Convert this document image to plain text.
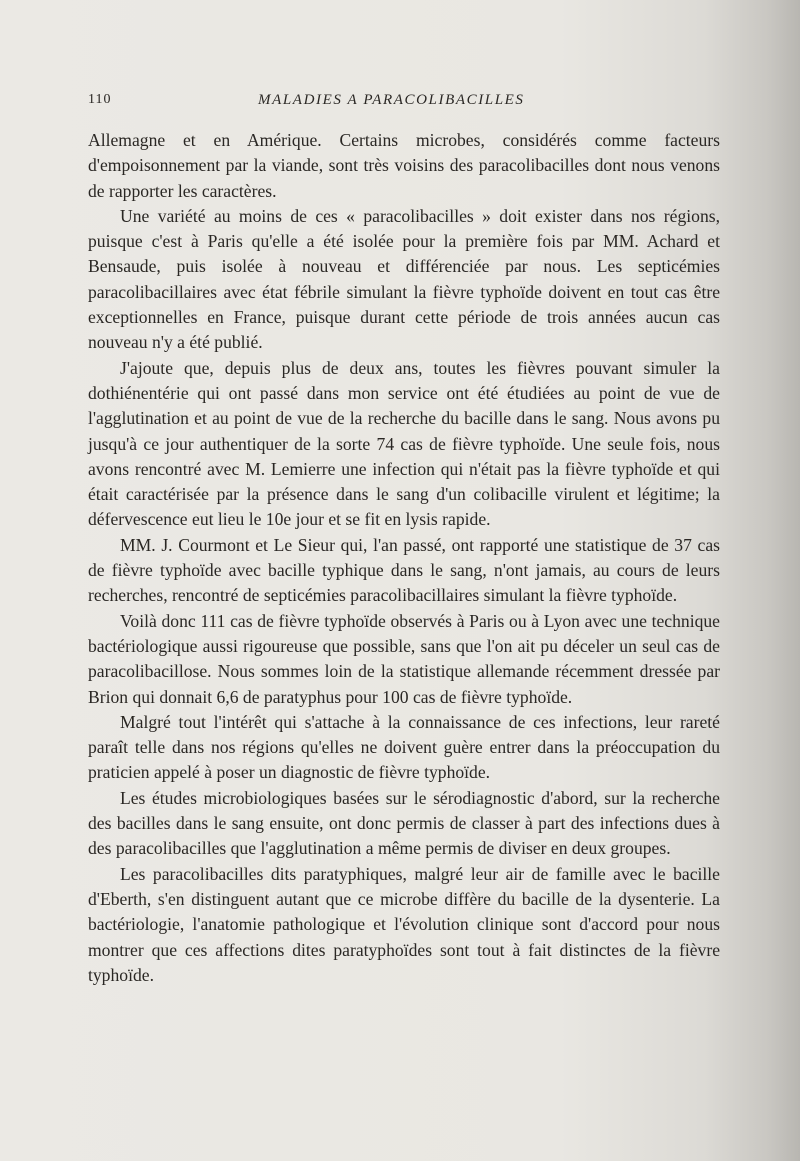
110	MALADIES A PARACOLIBACILLES

Allemagne et en Amérique. Certains microbes, considérés comme facteurs d'empoisonnement par la viande, sont très voisins des paracolibacilles dont nous venons de rapporter les caractères.

Une variété au moins de ces « paracolibacilles » doit exister dans nos régions, puisque c'est à Paris qu'elle a été isolée pour la première fois par MM. Achard et Bensaude, puis isolée à nouveau et différenciée par nous. Les septicémies paracolibacillaires avec état fébrile simulant la fièvre typhoïde doivent en tout cas être exceptionnelles en France, puisque durant cette période de trois années aucun cas nouveau n'y a été publié.

J'ajoute que, depuis plus de deux ans, toutes les fièvres pouvant simuler la dothiénentérie qui ont passé dans mon service ont été étudiées au point de vue de l'agglutination et au point de vue de la recherche du bacille dans le sang. Nous avons pu jusqu'à ce jour authentiquer de la sorte 74 cas de fièvre typhoïde. Une seule fois, nous avons rencontré avec M. Lemierre une infection qui n'était pas la fièvre typhoïde et qui était caractérisée par la présence dans le sang d'un colibacille virulent et légitime; la défervescence eut lieu le 10e jour et se fit en lysis rapide.

MM. J. Courmont et Le Sieur qui, l'an passé, ont rapporté une statistique de 37 cas de fièvre typhoïde avec bacille typhique dans le sang, n'ont jamais, au cours de leurs recherches, rencontré de septicémies paracolibacillaires simulant la fièvre typhoïde.

Voilà donc 111 cas de fièvre typhoïde observés à Paris ou à Lyon avec une technique bactériologique aussi rigoureuse que possible, sans que l'on ait pu déceler un seul cas de paracolibacillose. Nous sommes loin de la statistique allemande récemment dressée par Brion qui donnait 6,6 de paratyphus pour 100 cas de fièvre typhoïde.

Malgré tout l'intérêt qui s'attache à la connaissance de ces infections, leur rareté paraît telle dans nos régions qu'elles ne doivent guère entrer dans la préoccupation du praticien appelé à poser un diagnostic de fièvre typhoïde.

Les études microbiologiques basées sur le sérodiagnostic d'abord, sur la recherche des bacilles dans le sang ensuite, ont donc permis de classer à part des infections dues à des paracolibacilles que l'agglutination a même permis de diviser en deux groupes.

Les paracolibacilles dits paratyphiques, malgré leur air de famille avec le bacille d'Eberth, s'en distinguent autant que ce microbe diffère du bacille de la dysenterie. La bactériologie, l'anatomie pathologique et l'évolution clinique sont d'accord pour nous montrer que ces affections dites paratyphoïdes sont tout à fait distinctes de la fièvre typhoïde.
